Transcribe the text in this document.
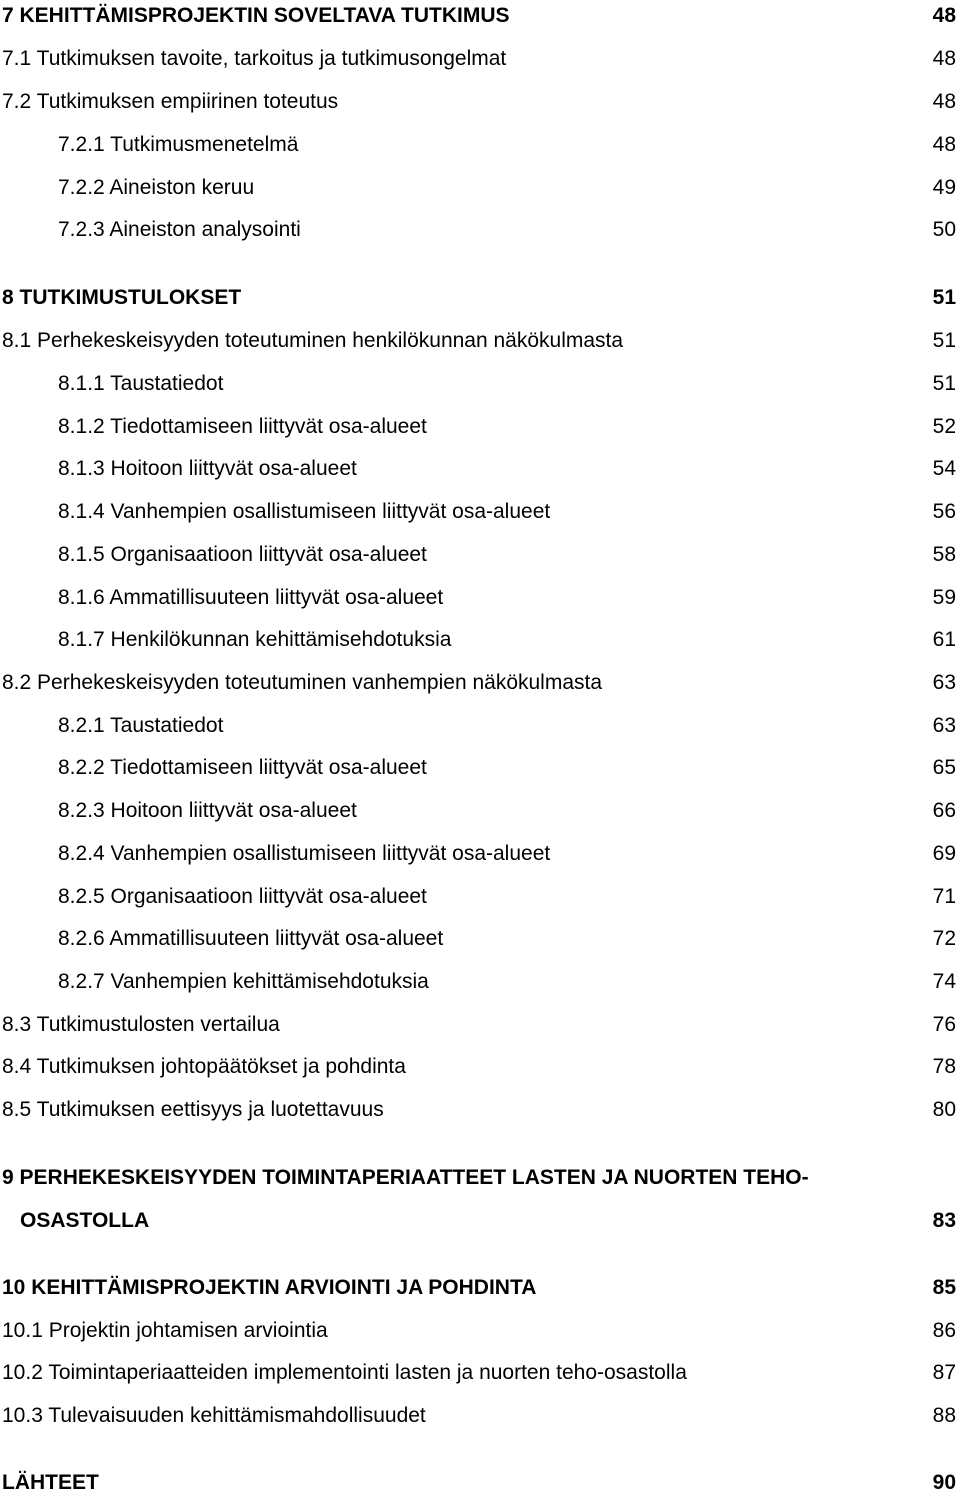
7 KEHITTÄMISPROJEKTIN SOVELTAVA TUTKIMUS	48
7.1 Tutkimuksen tavoite, tarkoitus ja tutkimusongelmat	48
7.2 Tutkimuksen empiirinen toteutus	48
7.2.1 Tutkimusmenetelmä	48
7.2.2 Aineiston keruu	49
7.2.3 Aineiston analysointi	50
8 TUTKIMUSTULOKSET	51
8.1 Perhekeskeisyyden toteutuminen henkilökunnan näkökulmasta	51
8.1.1 Taustatiedot	51
8.1.2 Tiedottamiseen liittyvät osa-alueet	52
8.1.3 Hoitoon liittyvät osa-alueet	54
8.1.4 Vanhempien osallistumiseen liittyvät osa-alueet	56
8.1.5 Organisaatioon liittyvät osa-alueet	58
8.1.6 Ammatillisuuteen liittyvät osa-alueet	59
8.1.7 Henkilökunnan kehittämisehdotuksia	61
8.2 Perhekeskeisyyden toteutuminen vanhempien näkökulmasta	63
8.2.1 Taustatiedot	63
8.2.2 Tiedottamiseen liittyvät osa-alueet	65
8.2.3 Hoitoon liittyvät osa-alueet	66
8.2.4 Vanhempien osallistumiseen liittyvät osa-alueet	69
8.2.5 Organisaatioon liittyvät osa-alueet	71
8.2.6 Ammatillisuuteen liittyvät osa-alueet	72
8.2.7 Vanhempien kehittämisehdotuksia	74
8.3 Tutkimustulosten vertailua	76
8.4 Tutkimuksen johtopäätökset ja pohdinta	78
8.5 Tutkimuksen eettisyys ja luotettavuus	80
9 PERHEKESKEISYYDEN TOIMINTAPERIAATTEET LASTEN JA NUORTEN TEHO-
OSASTOLLA	83
10 KEHITTÄMISPROJEKTIN ARVIOINTI JA POHDINTA	85
10.1 Projektin johtamisen arviointia	86
10.2 Toimintaperiaatteiden implementointi lasten ja nuorten teho-osastolla	87
10.3 Tulevaisuuden kehittämismahdollisuudet	88
LÄHTEET	90
